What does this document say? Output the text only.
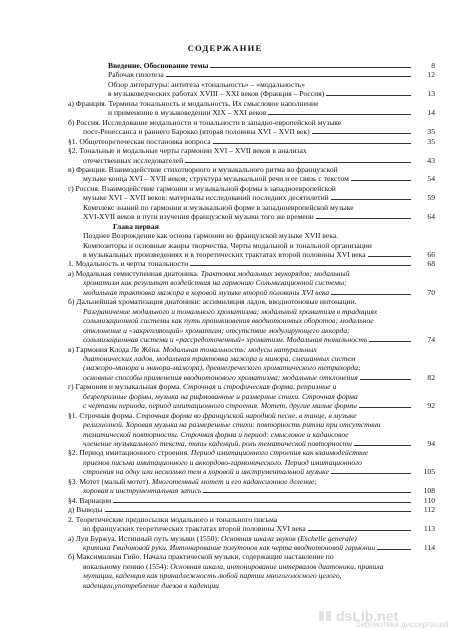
СОДЕРЖАНИЕ
Введение. Обоснование темы	8
Рабочая гипотеза	12
Обзор литературы: антитеза «тональность» – «модальность»
в музыковедческих работах XVIII – XXI веков (Франция – Россия)	13
а) Франция. Термины тональность и модальность. Их смысловое наполнение
и применение в музыковедении XIX – XXI веков	14
б) Россия. Исследование модальности и тональности в западно-европейской музыке
пост-Ренессанса и раннего Барокко (вторая половина XVI – XVII век)	35
§1. Общетеоретическая постановка вопроса	35
§2. Тональные и модальные черты гармонии XVI – XVII веков в анализах
отечественных исследователей	43
в) Франция. Взаимодействие стихотворного и музыкального ритма во французской
музыке конца XVI – XVII веков; структура музыкальной речи и ее связь с текстом	54
г) Россия. Взаимодействие гармонии и музыкальной формы в западноевропейской
музыке XVI – XVII веков: материалы исследований последних десятилетий	59
Комплекс знаний по гармонии и музыкальной форме в западноевропейской музыке
XVI-XVII веков и пути изучения французской музыки того же времени	64
Глава первая
Позднее Возрождение как основа гармонии во французской музыке XVII века.
Композиторы и основные жанры творчества. Черты модальной и тональной организации
в музыкальных произведениях и в теоретических трактатах второй половины XVI века	66
1. Модальность и черты тональности	68
а) Модальная семиступенная диатоника. Трактовка модальных звукорядов; модальный
хроматизм как результат воздействия на гармонию Сольмизационной системы;
модальная трактовка мажора в хоровой музыке второй половины XVI века	70
б) Дальнейшая хроматизация диатоники: ассимиляция ладов, вводнотоновые интонации.
Разграничение модального и тонального хроматизма; модальный хроматизм в традициях
сольмизационной системы как путь проникновения вводнотоновых оборотов; модальное
отклонение и «закрепляющий» хроматизм; отсутствие модулирующего аккорда;
сольмизационная система и «рассредоточенный» хроматизм. Модальная тональность	74
в) Гармония Клода Ле Жёна. Модальная тональность: модусы натуральных
диатонических ладов, модальная трактовка мажора и минора, смешанных систем
(мажоро-минора и минора-мажора), древнегреческого хроматического тетрахорда;
основные способы применения вводнотонового хроматизма; модальные отклонения	82
г) Гармония и музыкальная форма. Строчная и строфическая форма, репризные и
безрепризные формы, музыка на рифмованные и размерные стихи. Строчная форма
с чертами периода, период имитационного строения. Мотет, другие малые формы	92
§1. Строчная форма. Строчная форма во французской народной песне, в танце, в музыке
религиозной. Хоровая музыка на размеренные стихи: повторность ритма при отсутствии
тематической повторности. Строчная форма и период: смысловое и кадансовое
членение музыкального текста, типы каденций, роль тематической повторности	94
§2. Период имитационного строения. Период имитационного строения как взаимодействие
приемов письма имитационного и аккордово-гармонического. Период имитационного
строения на одну или несколько тем в хоровой и инструментальной музыке	105
§3. Мотет (малый мотет). Многотемный мотет и его кадансионное деление;
хоровая и инструментальная запись	108
§4. Вариации	110
д) Выводы	112
2. Теоретические предпосылки модального и тонального письма
во французских теоретических трактатах второй половины XVI века	113
а) Луи Буржуа. Истинный путь музыки (1550): Основная шкала звуков (Eschelle generale)
критика Гвидоновой руки. Интонирование полутонов как черта вводнотоновой гармонии	114
б) Максимилиан Гийо. Начала практической музыки, содержащие наставление по
вокальному пению (1554): Основная шкала, интонирование интервалов диатоники, правила
мутации, каденция как принадлежность любой партии многоголосного целого,
каденции,употребление диезов в каденции
dsLib.net
библиотека диссертаций
